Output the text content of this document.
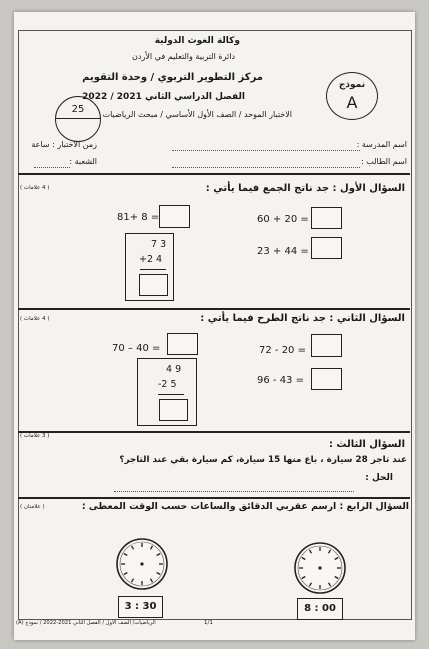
وكالة الغوث الدولية
دائرة التربية والتعليم في الأردن
مركز التطوير التربوي / وحدة التقويم
الفصل الدراسي الثاني 2021 / 2022
الاختبار الموحد / الصف الأول الأساسي / مبحث الرياضيات
نموذج
A
25
اسم المدرسة :
زمن الاختبار : ساعة
اسم الطالب :
الشعبة :
السؤال الأول : جد ناتج الجمع فيما يأتي :
( 4 علامات )
81+ 8 =	60 + 20 =
7 3
+2 4
23 + 44 =
السؤال الثاني : جد ناتج الطرح فيما يأتي :
( 4 علامات )
70 – 40 =	72 - 20 =
4 9
-2 5	96 - 43 =
السؤال الثالث :
( 3 علامات )
عند تاجر 28 سيارة ، باع منها 15 سيارة، كم سيارة بقي عند التاجر؟
الحل :
السؤال الرابع : ارسم عقربي الدقائق والساعات حسب الوقت المعطى :
( علامتان )
3 : 30	8 : 00
الرياضيات/ الصف الأول / الفصل الثاني 2021-2022 / نموذج (A)	1/1
